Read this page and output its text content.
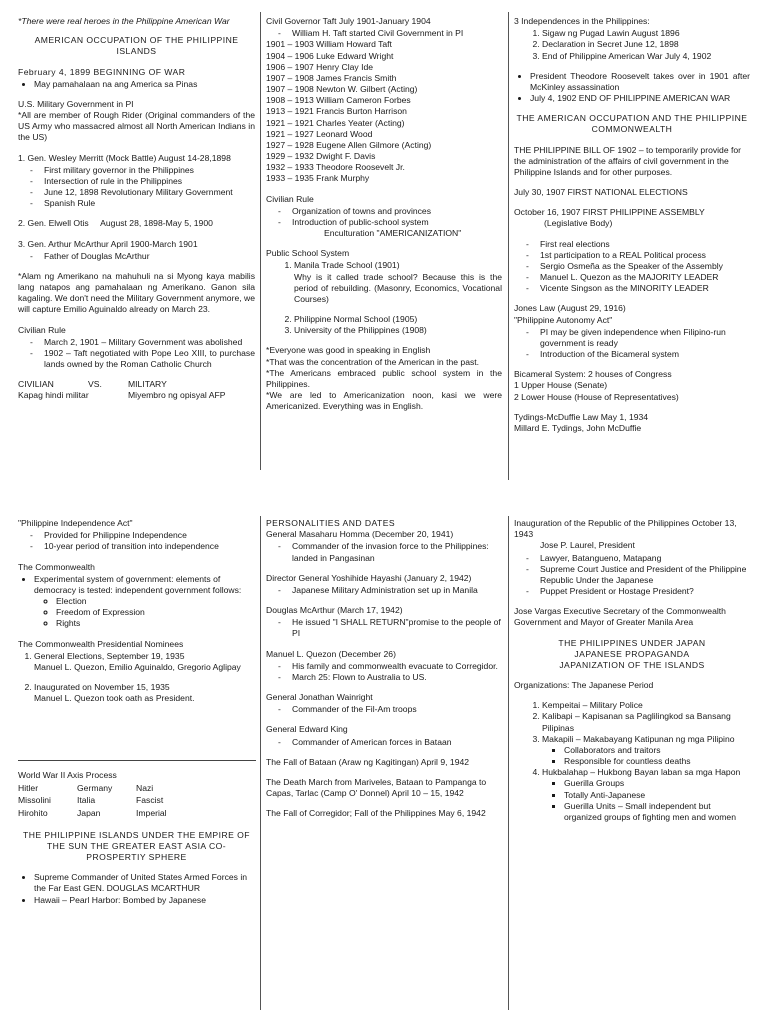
*There were real heroes in the Philippine American War

AMERICAN OCCUPATION OF THE PHILIPPINE ISLANDS

February 4, 1899 BEGINNING OF WAR
• May pamahalaan na ang America sa Pinas
U.S. Military Government in PI

*All are member of Rough Rider (Original commanders of the US Army who massacred almost all North American Indians in the US)

1. Gen. Wesley Merritt (Mock Battle) August 14-28,1898
- First military governor in the Philippines
- Intersection of rule in the Philippines
- June 12, 1898 Revolutionary Military Government
- Spanish Rule

2. Gen. Elwell Otis     August 28, 1898-May 5, 1900

3. Gen. Arthur McArthur April 1900-March 1901
- Father of Douglas McArthur

*Alam ng Amerikano na mahuhuli na si Myong kaya mabilis lang natapos ang pamahalaan ng Amerikano. Ganon sila kagaling. We don't need the Military Government anymore, we will capture Emilio Aguinaldo already on March 23.

Civilian Rule
- March 2, 1901 – Military Government was abolished
- 1902 – Taft negotiated with Pope Leo XIII, to purchase lands owned by the Roman Catholic Church
CIVILIAN	VS.	MILITARY
Kapag hindi militar	Miyembro ng opisyal AFP
Civil Governor Taft July 1901-January 1904
- William H. Taft started Civil Government in PI
1901 – 1903 William Howard Taft
1904 – 1906 Luke Edward Wright
1906 – 1907 Henry Clay Ide
1907 – 1908 James Francis Smith
1907 – 1908 Newton W. Gilbert (Acting)
1908 – 1913 William Cameron Forbes
1913 – 1921 Francis Burton Harrison
1921 – 1921 Charles Yeater (Acting)
1921 – 1927 Leonard Wood
1927 – 1928 Eugene Allen Gilmore (Acting)
1929 – 1932 Dwight F. Davis
1932 – 1933 Theodore Roosevelt Jr.
1933 – 1935 Frank Murphy
Civilian Rule
- Organization of towns and provinces
- Introduction of public-school system

Enculturation "AMERICANIZATION"

Public School System
1. Manila Trade School (1901)
Why is it called trade school? Because this is the period of rebuilding. (Masonry, Economics, Vocational Courses)
2. Philippine Normal School (1905)
3. University of the Philippines (1908)

*Everyone was good in speaking in English
*That was the concentration of the American in the past.
*The Americans embraced public school system in the Philippines.
*We are led to Americanization noon, kasi we were Americanized. Everything was in English.

3 Independences in the Philippines:
1. Sigaw ng Pugad Lawin August 1896
2. Declaration in Secret June 12, 1898
3. End of Philippine American War July 4, 1902
• President Theodore Roosevelt takes over in 1901 after McKinley assassination
• July 4, 1902 END OF PHILIPPINE AMERICAN WAR

THE AMERICAN OCCUPATION AND THE PHILIPPINE COMMONWEALTH

THE PHILIPPINE BILL OF 1902 – to temporarily provide for the administration of the affairs of civil government in the Philippine Islands and for other purposes.

July 30, 1907 FIRST NATIONAL ELECTIONS

October 16, 1907 FIRST PHILIPPINE ASSEMBLY
(Legislative Body)
- First real elections
- 1st participation to a REAL Political process
- Sergio Osmeña as the Speaker of the Assembly
- Manuel L. Quezon as the MAJORITY LEADER
- Vicente Singson as the MINORITY LEADER
Jones Law (August 29, 1916)
"Philippine Autonomy Act"
- PI may be given independence when Filipino-run government is ready
- Introduction of the Bicameral system
Bicameral System: 2 houses of Congress
1 Upper House (Senate)

2 Lower House (House of Representatives)

Tydings-McDuffie Law May 1, 1934
Millard E. Tydings, John McDuffie
"Philippine Independence Act"
- Provided for Philippine Independence
- 10-year period of transition into independence
The Commonwealth
• Experimental system of government: elements of democracy is tested: independent government follows:
◦ Election
◦ Freedom of Expression
◦ Rights
The Commonwealth Presidential Nominees
1. General Elections, September 19, 1935
Manuel L. Quezon, Emilio Aguinaldo, Gregorio Aglipay
2. Inaugurated on November 15, 1935
Manuel L. Quezon took oath as President.
World War II Axis Process
Hitler	Germany	Nazi
Missolini	Italia	Fascist
Hirohito	Japan	Imperial

THE PHILIPPINE ISLANDS UNDER THE EMPIRE OF THE SUN THE GREATER EAST ASIA CO-PROSPERTIY SPHERE

• Supreme Commander of United States Armed Forces in the Far East GEN. DOUGLAS MCARTHUR
• Hawaii – Pearl Harbor: Bombed by Japanese
PERSONALITIES AND DATES
General Masaharu Homma (December 20, 1941)
- Commander of the invasion force to the Philippines: landed in Pangasinan
Director General Yoshihide Hayashi (January 2, 1942)
- Japanese Military Administration set up in Manila
Douglas McArthur (March 17, 1942)
- He issued "I SHALL RETURN"promise to the people of PI
Manuel L. Quezon (December 26)
- His family and commonwealth evacuate to Corregidor.
- March 25: Flown to Australia to US.
General Jonathan Wainright
- Commander of the Fil-Am troops
General Edward King
- Commander of American forces in Bataan

The Fall of Bataan (Araw ng Kagitingan) April 9, 1942

The Death March from Mariveles, Bataan to Pampanga to Capas, Tarlac (Camp O' Donnel) April 10 – 15, 1942

The Fall of Corregidor; Fall of the Philippines May 6, 1942

Inauguration of the Republic of the Philippines October 13, 1943
Jose P. Laurel, President
- Lawyer, Batangueno, Matapang
- Supreme Court Justice and President of the Philippine Republic Under the Japanese
- Puppet President or Hostage President?

Jose Vargas Executive Secretary of the Commonwealth Government and Mayor of Greater Manila Area

THE PHILIPPINES UNDER JAPAN
JAPANESE PROPAGANDA
JAPANIZATION OF THE ISLANDS
Organizations: The Japanese Period
1. Kempeitai – Military Police
2. Kalibapi – Kapisanan sa Paglilingkod sa Bansang Pilipinas
3. Makapili – Makabayang Katipunan ng mga Pilipino
▪ Collaborators and traitors
▪ Responsible for countless deaths
4. Hukbalahap – Hukbong Bayan laban sa mga Hapon
▪ Guerilla Groups
▪ Totally Anti-Japanese
▪ Guerilla Units – Small independent but organized groups of fighting men and women
